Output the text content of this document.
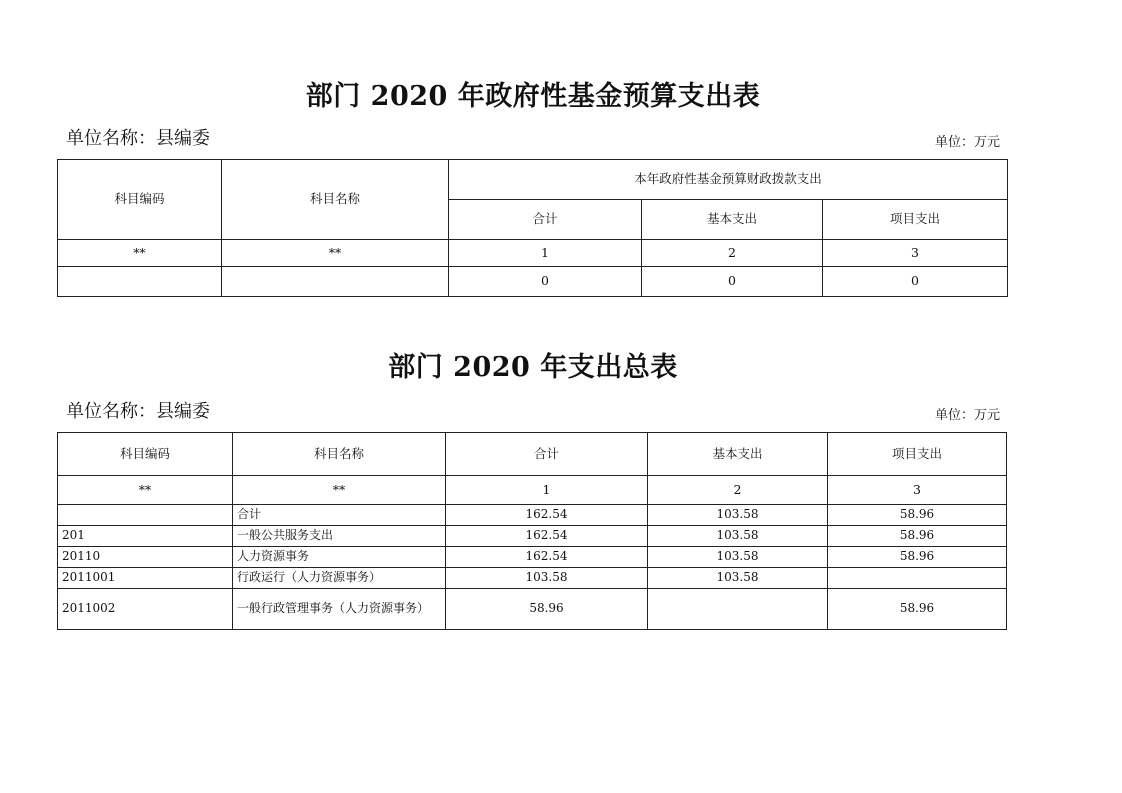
部门 2020 年政府性基金预算支出表
单位名称：县编委	单位：万元
科目编码	科目名称	本年政府性基金预算财政拨款支出		
		合计	基本支出	项目支出
**	**	1	2	3
		0	0	0
部门 2020 年支出总表
单位名称：县编委	单位：万元
科目编码	科目名称	合计	基本支出	项目支出
**	**	1	2	3
	合计	162.54	103.58	58.96
201	一般公共服务支出	162.54	103.58	58.96
20110	人力资源事务	162.54	103.58	58.96
2011001	行政运行（人力资源事务）	103.58	103.58	
2011002	一般行政管理事务（人力资源事务）	58.96		58.96
